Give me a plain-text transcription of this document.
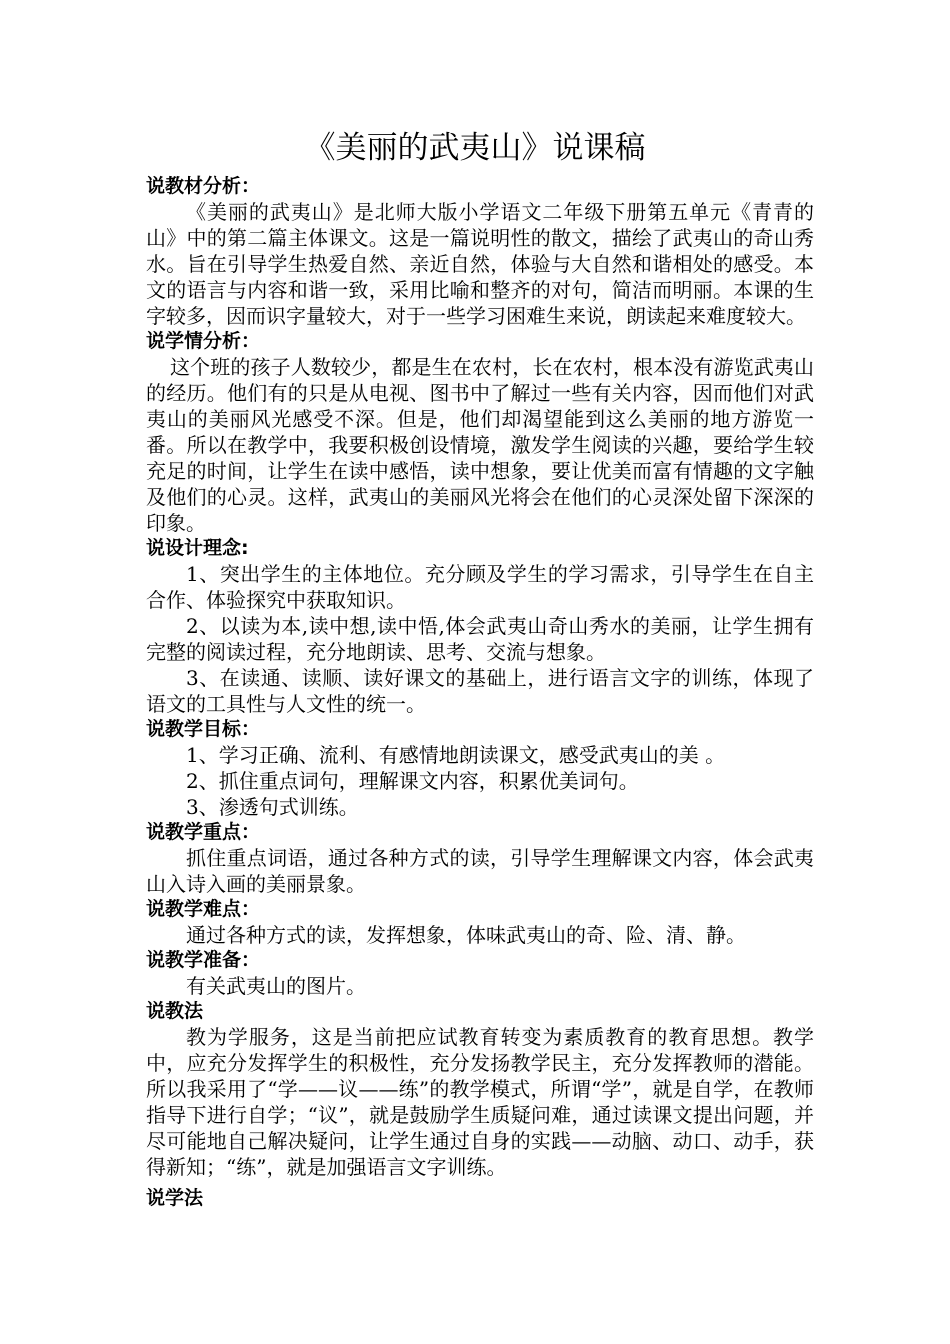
《美丽的武夷山》说课稿
说教材分析：
《美丽的武夷山》是北师大版小学语文二年级下册第五单元《青青的山》中的第二篇主体课文。这是一篇说明性的散文，描绘了武夷山的奇山秀水。旨在引导学生热爱自然、亲近自然，体验与大自然和谐相处的感受。本文的语言与内容和谐一致，采用比喻和整齐的对句，简洁而明丽。本课的生字较多，因而识字量较大，对于一些学习困难生来说，朗读起来难度较大。
说学情分析：
这个班的孩子人数较少，都是生在农村，长在农村，根本没有游览武夷山的经历。他们有的只是从电视、图书中了解过一些有关内容，因而他们对武夷山的美丽风光感受不深。但是，他们却渴望能到这么美丽的地方游览一番。所以在教学中，我要积极创设情境，激发学生阅读的兴趣，要给学生较充足的时间，让学生在读中感悟，读中想象，要让优美而富有情趣的文字触及他们的心灵。这样，武夷山的美丽风光将会在他们的心灵深处留下深深的印象。
说设计理念:
1、突出学生的主体地位。充分顾及学生的学习需求，引导学生在自主合作、体验探究中获取知识。
2、以读为本,读中想,读中悟,体会武夷山奇山秀水的美丽，让学生拥有完整的阅读过程，充分地朗读、思考、交流与想象。
3、在读通、读顺、读好课文的基础上，进行语言文字的训练，体现了语文的工具性与人文性的统一。
说教学目标：
1、学习正确、流利、有感情地朗读课文，感受武夷山的美 。
2、抓住重点词句，理解课文内容，积累优美词句。
3、渗透句式训练。
说教学重点：
抓住重点词语，通过各种方式的读，引导学生理解课文内容，体会武夷山入诗入画的美丽景象。
说教学难点：
通过各种方式的读，发挥想象，体味武夷山的奇、险、清、静。
说教学准备：
有关武夷山的图片。
说教法
教为学服务，这是当前把应试教育转变为素质教育的教育思想。教学中，应充分发挥学生的积极性，充分发扬教学民主，充分发挥教师的潜能。所以我采用了“学——议——练”的教学模式，所谓“学”，就是自学，在教师指导下进行自学；“议”，就是鼓励学生质疑问难，通过读课文提出问题，并尽可能地自己解决疑问，让学生通过自身的实践——动脑、动口、动手，获得新知；“练”，就是加强语言文字训练。
说学法
